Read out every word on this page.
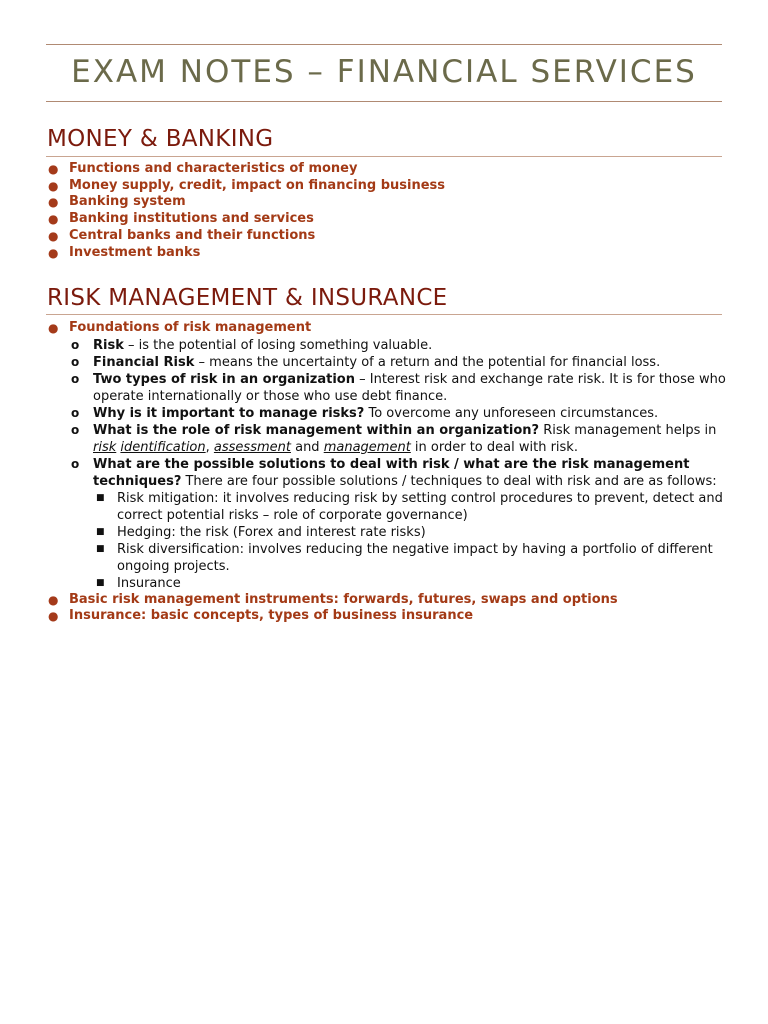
EXAM NOTES – FINANCIAL SERVICES
MONEY & BANKING
● Functions and characteristics of money
● Money supply, credit, impact on financing business
● Banking system
● Banking institutions and services
● Central banks and their functions
● Investment banks
RISK MANAGEMENT & INSURANCE
● Foundations of risk management
o Risk – is the potential of losing something valuable.
o Financial Risk – means the uncertainty of a return and the potential for financial loss.
o Two types of risk in an organization – Interest risk and exchange rate risk. It is for those who operate internationally or those who use debt finance.
o Why is it important to manage risks? To overcome any unforeseen circumstances.
o What is the role of risk management within an organization? Risk management helps in risk identification, assessment and management in order to deal with risk.
o What are the possible solutions to deal with risk / what are the risk management techniques? There are four possible solutions / techniques to deal with risk and are as follows:
■ Risk mitigation: it involves reducing risk by setting control procedures to prevent, detect and correct potential risks – role of corporate governance)
■ Hedging: the risk (Forex and interest rate risks)
■ Risk diversification: involves reducing the negative impact by having a portfolio of different ongoing projects.
■ Insurance
● Basic risk management instruments: forwards, futures, swaps and options
● Insurance: basic concepts, types of business insurance
